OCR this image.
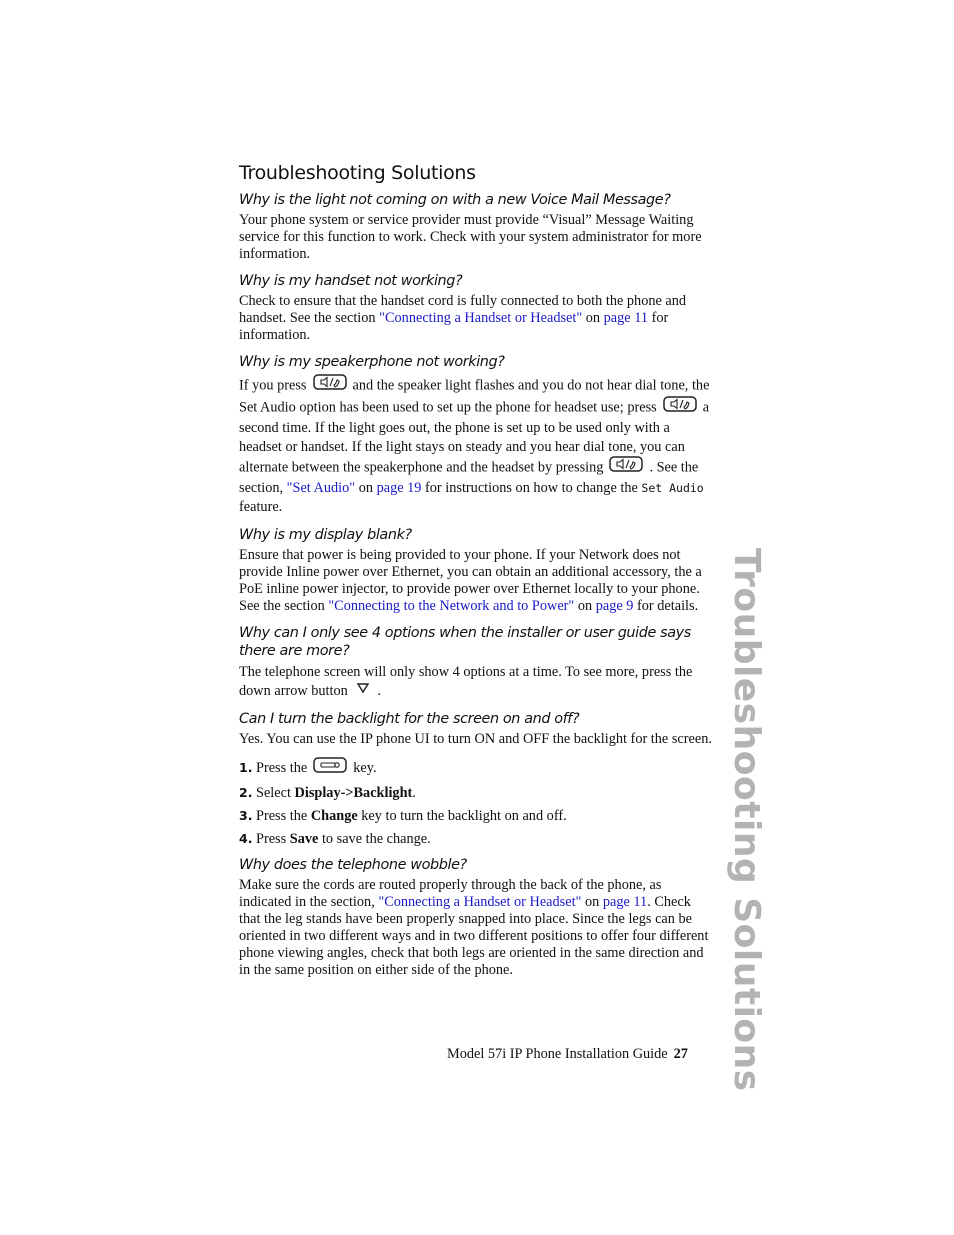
Troubleshooting Solutions
Why is the light not coming on with a new Voice Mail Message?

Your phone system or service provider must provide “Visual” Message Waiting service for this function to work. Check with your system administrator for more information.

Why is my handset not working?

Check to ensure that the handset cord is fully connected to both the phone and handset. See the section "Connecting a Handset or Headset" on page 11 for information.

Why is my speakerphone not working?

If you press	and the speaker light flashes and you do not hear dial tone, the Set Audio option has been used to set up the phone for headset use; press	a second time. If the light goes out, the phone is set up to be used only with a headset or handset. If the light stays on steady and you hear dial tone, you can alternate between the speakerphone and the headset by pressing	. See the section, "Set Audio" on page 19 for instructions on how to change the Set Audio feature.

Why is my display blank?

Ensure that power is being provided to your phone. If your Network does not provide Inline power over Ethernet, you can obtain an additional accessory, the a PoE inline power injector, to provide power over Ethernet locally to your phone. See the section "Connecting to the Network and to Power" on page 9 for details.

Why can I only see 4 options when the installer or user guide says there are more?

The telephone screen will only show 4 options at a time. To see more, press the down arrow button .

Can I turn the backlight for the screen on and off?

Yes. You can use the IP phone UI to turn ON and OFF the backlight for the screen.

1. Press the	key.
2. Select Display->Backlight.
3. Press the Change key to turn the backlight on and off.
4. Press Save to save the change.
Why does the telephone wobble?

Make sure the cords are routed properly through the back of the phone, as indicated in the section, "Connecting a Handset or Headset" on page 11. Check that the leg stands have been properly snapped into place. Since the legs can be oriented in two different ways and in two different positions to offer four different phone viewing angles, check that both legs are oriented in the same direction and in the same position on either side of the phone.	Troubleshooting Solutions
Model 57i IP Phone Installation Guide 27
